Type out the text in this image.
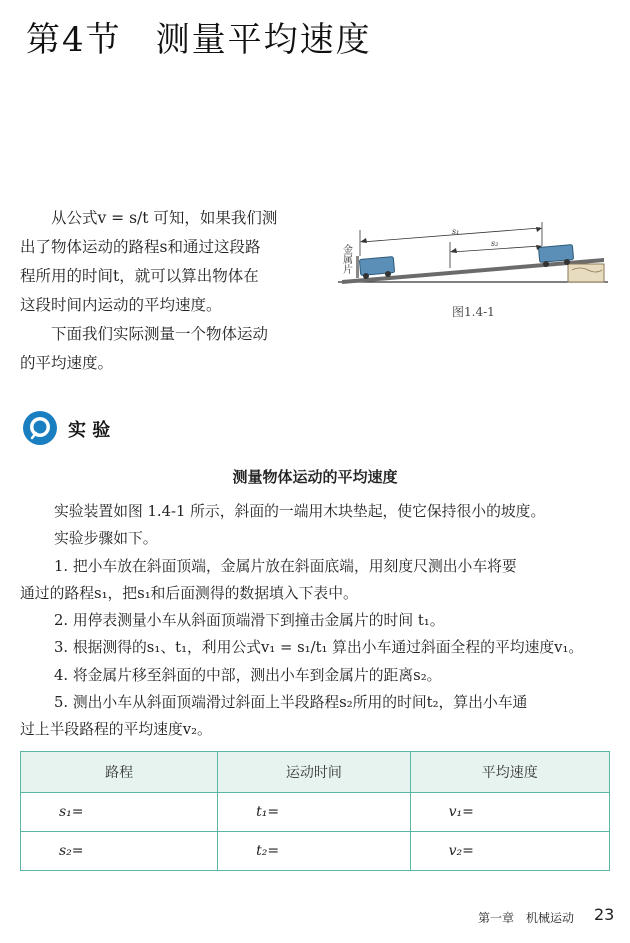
第4节 测量平均速度
从公式v = s/t 可知，如果我们测
出了物体运动的路程s和通过这段路
程所用的时间t，就可以算出物体在
这段时间内运动的平均速度。
下面我们实际测量一个物体运动
的平均速度。
s₁
s₂
金属片
图1.4-1
实 验
测量物体运动的平均速度

实验装置如图 1.4-1 所示，斜面的一端用木块垫起，使它保持很小的坡度。

实验步骤如下。

1. 把小车放在斜面顶端，金属片放在斜面底端，用刻度尺测出小车将要

通过的路程s₁，把s₁和后面测得的数据填入下表中。

2. 用停表测量小车从斜面顶端滑下到撞击金属片的时间 t₁。

3. 根据测得的s₁、t₁，利用公式v₁ = s₁/t₁ 算出小车通过斜面全程的平均速度v₁。

4. 将金属片移至斜面的中部，测出小车到金属片的距离s₂。

5. 测出小车从斜面顶端滑过斜面上半段路程s₂所用的时间t₂，算出小车通

过上半段路程的平均速度v₂。

路程	运动时间	平均速度
s₁=	t₁=	v₁=
s₂=	t₂=	v₂=
第一章　机械运动 23
